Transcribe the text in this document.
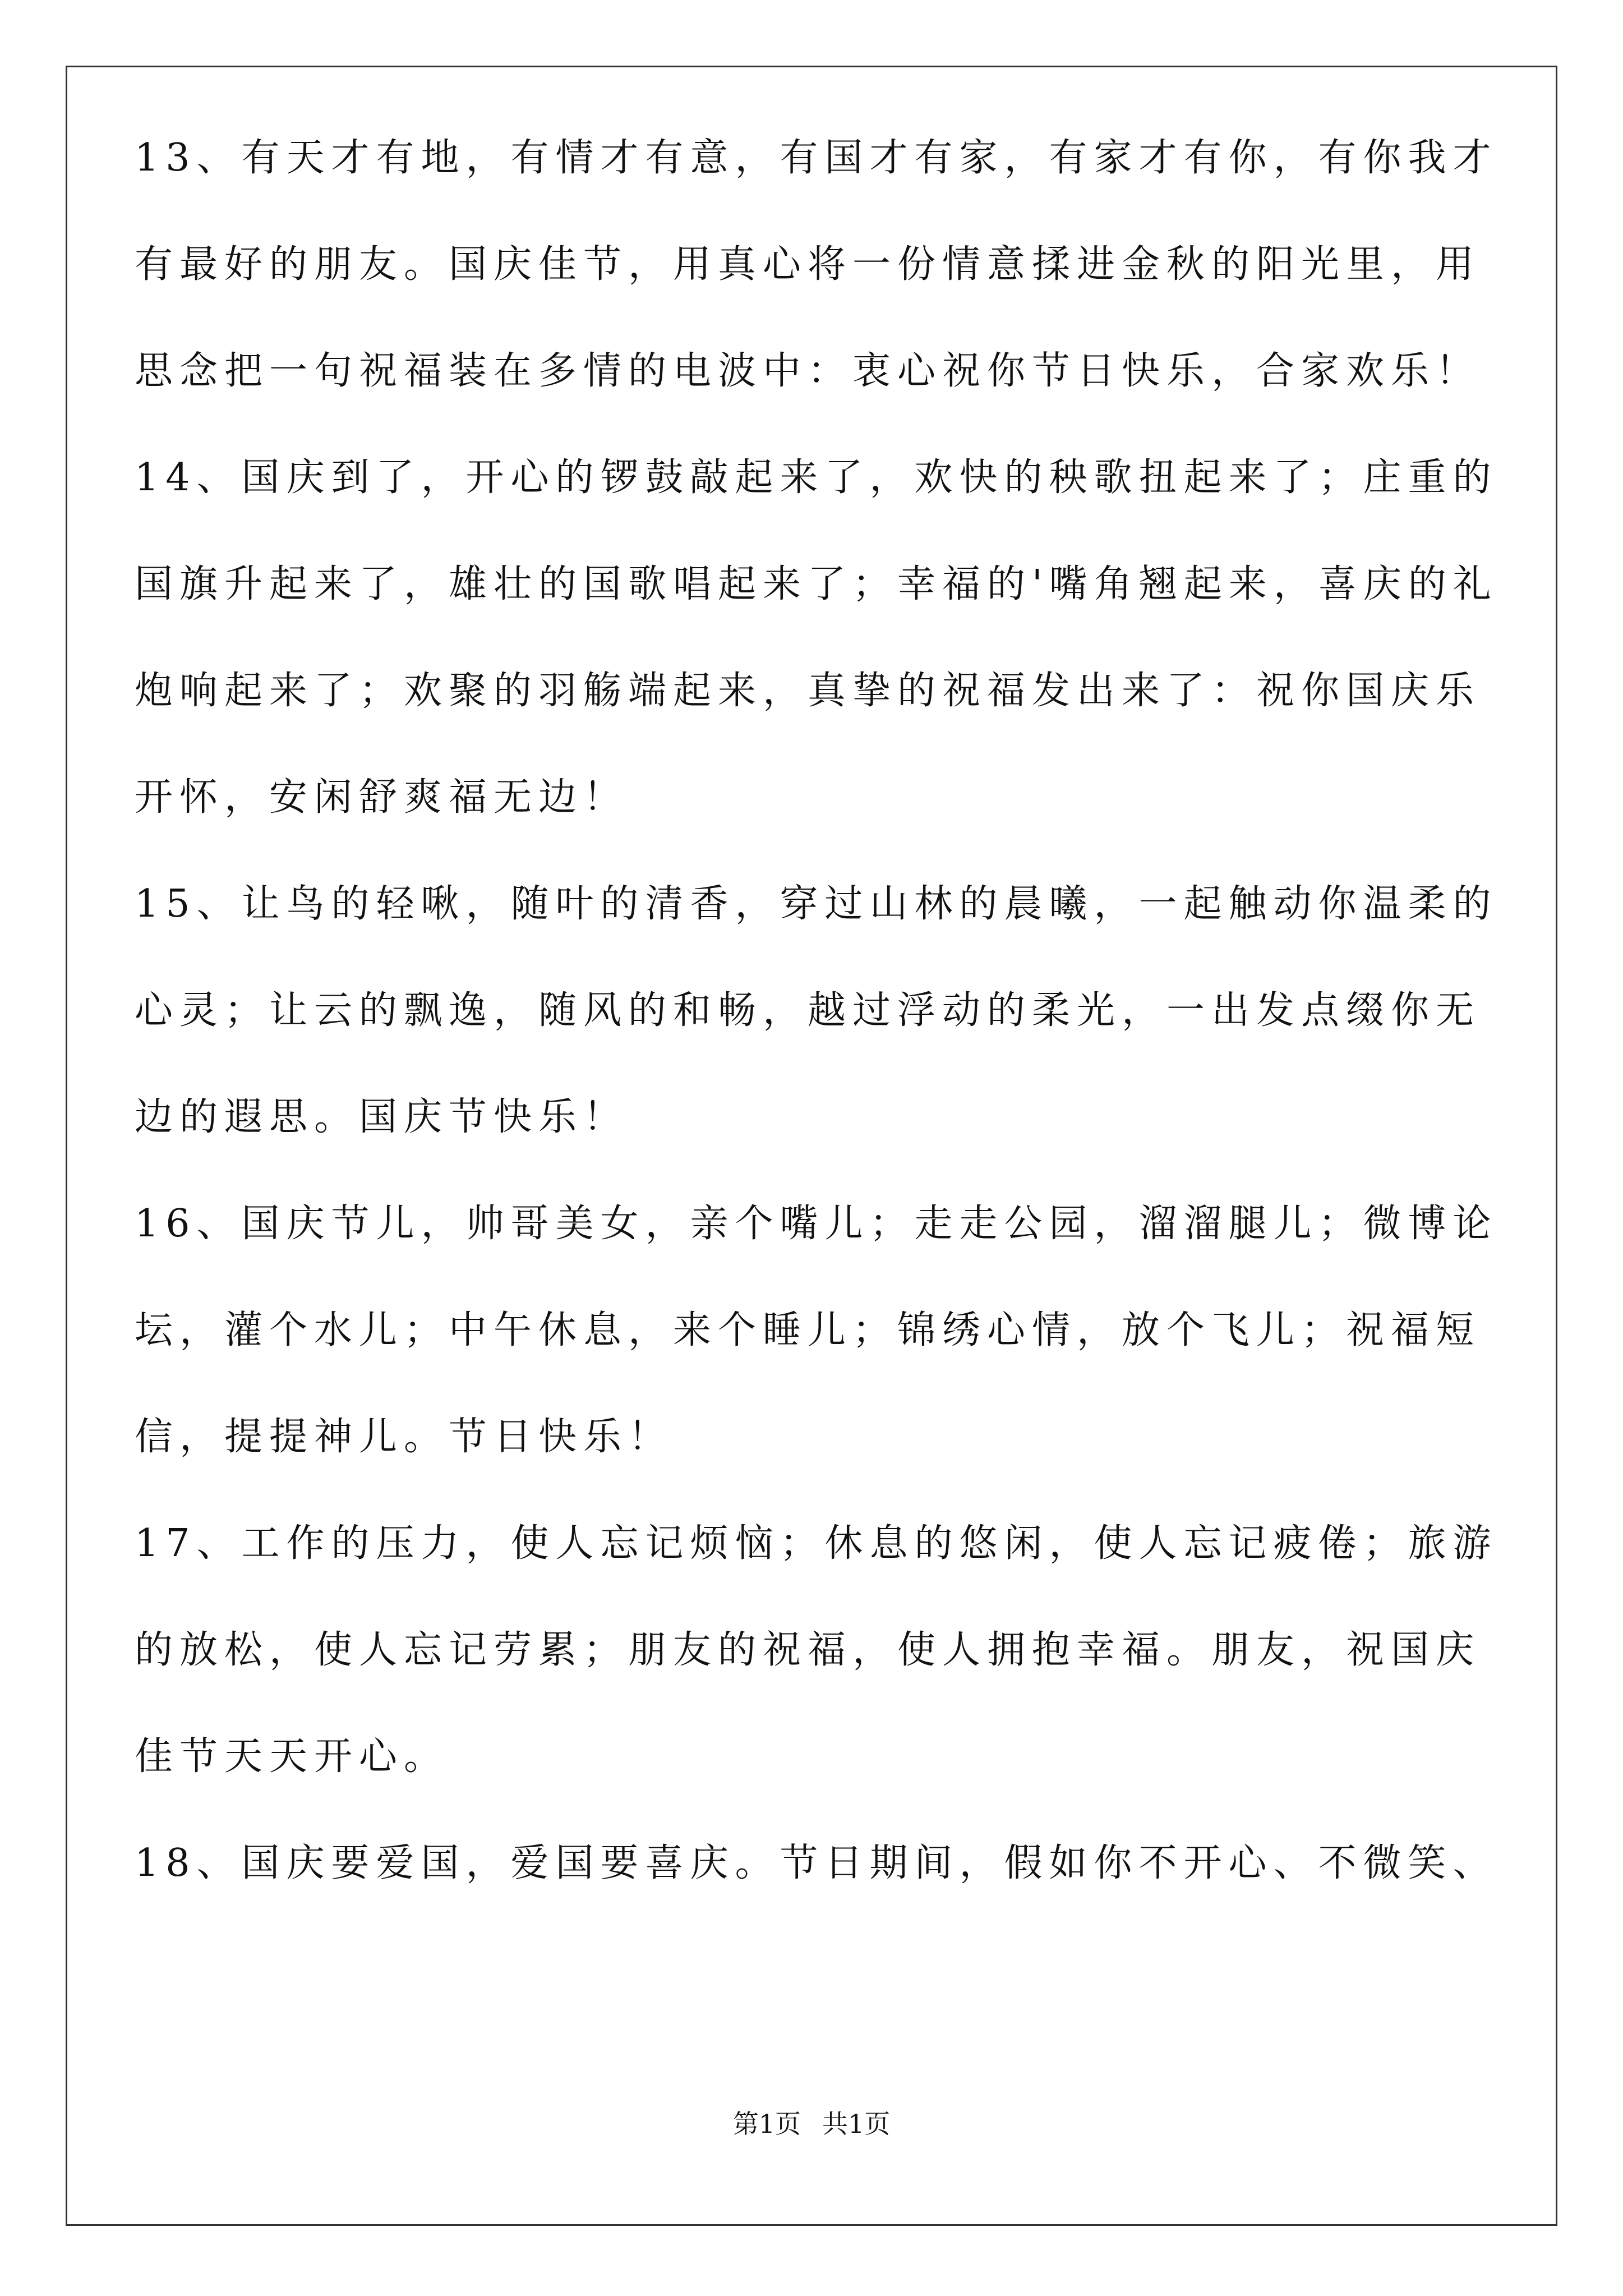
13、有天才有地，有情才有意，有国才有家，有家才有你，有你我才
有最好的朋友。国庆佳节，用真心将一份情意揉进金秋的阳光里，用
思念把一句祝福装在多情的电波中：衷心祝你节日快乐，合家欢乐！
14、国庆到了，开心的锣鼓敲起来了，欢快的秧歌扭起来了；庄重的
国旗升起来了，雄壮的国歌唱起来了；幸福的'嘴角翘起来，喜庆的礼
炮响起来了；欢聚的羽觞端起来，真挚的祝福发出来了：祝你国庆乐
开怀，安闲舒爽福无边！
15、让鸟的轻啾，随叶的清香，穿过山林的晨曦，一起触动你温柔的
心灵；让云的飘逸，随风的和畅，越过浮动的柔光，一出发点缀你无
边的遐思。国庆节快乐！
16、国庆节儿，帅哥美女，亲个嘴儿；走走公园，溜溜腿儿；微博论
坛，灌个水儿；中午休息，来个睡儿；锦绣心情，放个飞儿；祝福短
信，提提神儿。节日快乐！
17、工作的压力，使人忘记烦恼；休息的悠闲，使人忘记疲倦；旅游
的放松，使人忘记劳累；朋友的祝福，使人拥抱幸福。朋友，祝国庆
佳节天天开心。
18、国庆要爱国，爱国要喜庆。节日期间，假如你不开心、不微笑、
第1页 共1页
